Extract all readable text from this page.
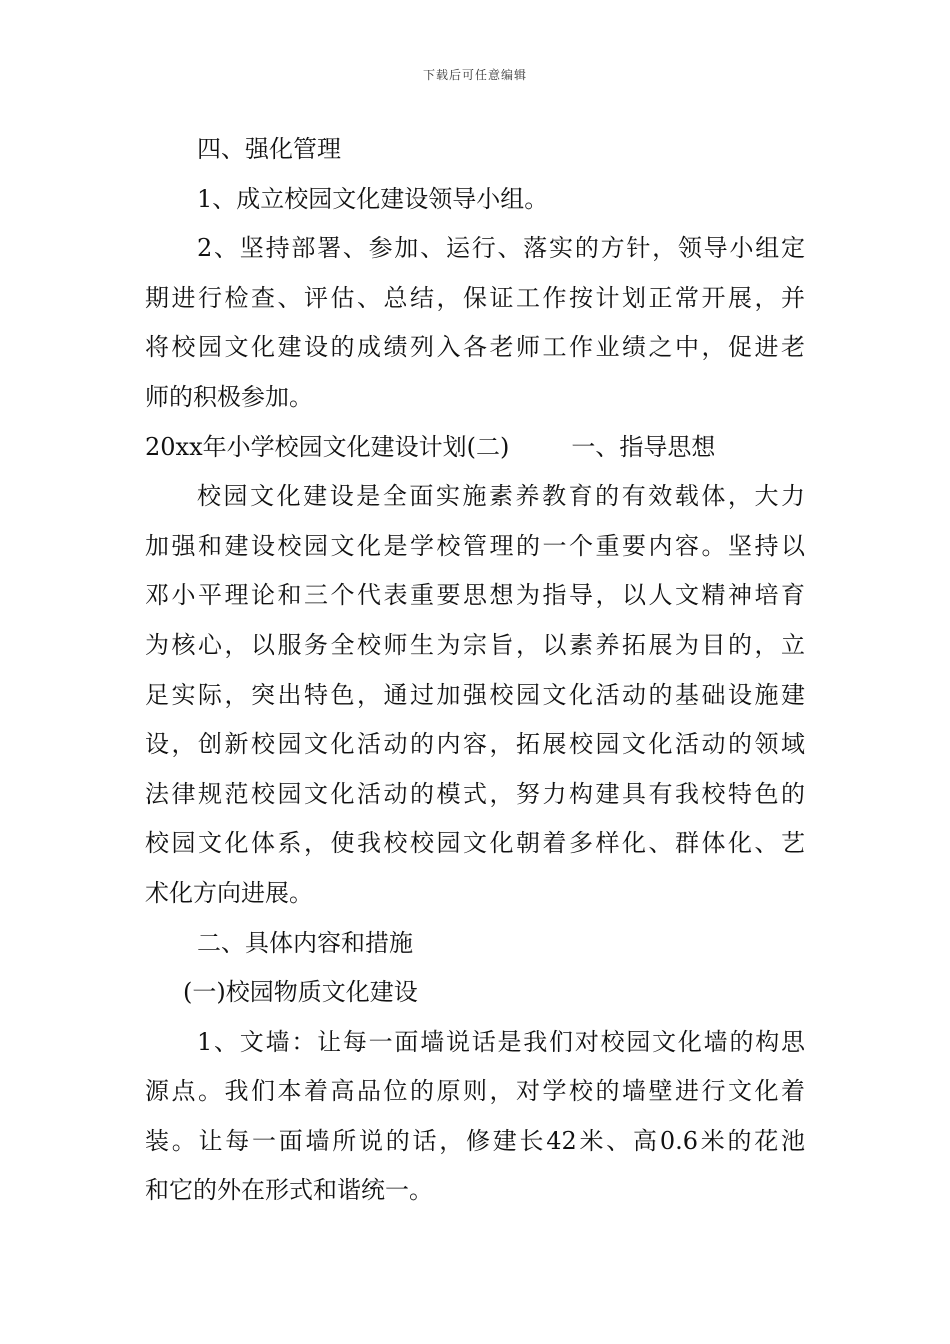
下载后可任意编辑
四、强化管理
1、成立校园文化建设领导小组。
2、坚持部署、参加、运行、落实的方针，领导小组定
期进行检查、评估、总结，保证工作按计划正常开展，并
将校园文化建设的成绩列入各老师工作业绩之中，促进老
师的积极参加。
20xx年小学校园文化建设计划(二)	一、指导思想
校园文化建设是全面实施素养教育的有效载体，大力
加强和建设校园文化是学校管理的一个重要内容。坚持以
邓小平理论和三个代表重要思想为指导，以人文精神培育
为核心，以服务全校师生为宗旨，以素养拓展为目的，立
足实际，突出特色，通过加强校园文化活动的基础设施建
设，创新校园文化活动的内容，拓展校园文化活动的领域
法律规范校园文化活动的模式，努力构建具有我校特色的
校园文化体系，使我校校园文化朝着多样化、群体化、艺
术化方向进展。
二、具体内容和措施
(一)校园物质文化建设
1、文墙：让每一面墙说话是我们对校园文化墙的构思
源点。我们本着高品位的原则，对学校的墙壁进行文化着
装。让每一面墙所说的话，修建长42米、高0.6米的花池
和它的外在形式和谐统一。
